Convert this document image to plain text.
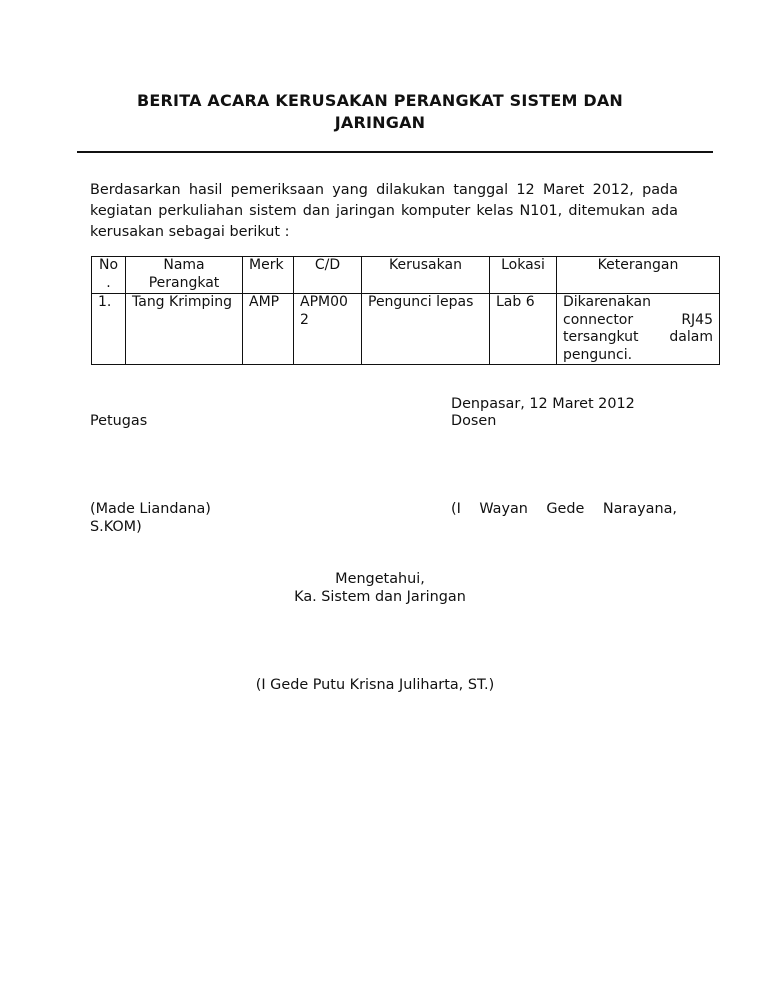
BERITA ACARA KERUSAKAN PERANGKAT SISTEM DAN
JARINGAN
Berdasarkan hasil pemeriksaan yang dilakukan tanggal 12 Maret 2012, pada kegiatan perkuliahan sistem dan jaringan komputer kelas N101, ditemukan ada kerusakan sebagai berikut :
No.	Nama Perangkat	Merk	C/D	Kerusakan	Lokasi	Keterangan
1.	Tang Krimping	AMP	APM002	Pengunci lepas	Lab 6	Dikarenakan connector RJ45 tersangkut dalam pengunci.
Denpasar, 12 Maret 2012
Petugas	Dosen
(Made Liandana)
S.KOM)
(I Wayan Gede Narayana,
Mengetahui,
Ka. Sistem dan Jaringan
(I Gede Putu Krisna Juliharta, ST.)
